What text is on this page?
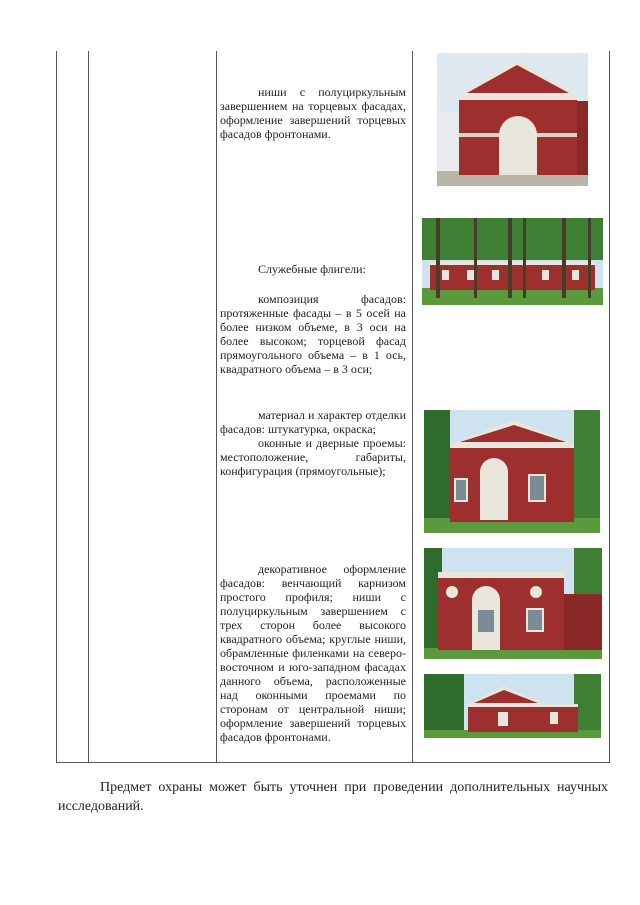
ниши с полуциркульным завершением на торцевых фасадах, оформление завершений торцевых фасадов фронтонами.

Служебные флигели:

композиция фасадов: протяженные фасады – в 5 осей на более низком объеме, в 3 оси на более высоком; торцевой фасад прямоугольного объема – в 1 ось, квадратного объема – в 3 оси;

материал и характер отделки фасадов: штукатурка, окраска;

оконные и дверные проемы: местоположение, габариты, конфигурация (прямоугольные);

декоративное оформление фасадов: венчающий карнизом простого профиля; ниши с полуциркульным завершением с трех сторон более высокого квадратного объема; круглые ниши, обрамленные филенками на северо-восточном и юго-западном фасадах данного объема, расположенные над оконными проемами по сторонам от центральной ниши; оформление завершений торцевых фасадов фронтонами.

Предмет охраны может быть уточнен при проведении дополнительных научных исследований.
